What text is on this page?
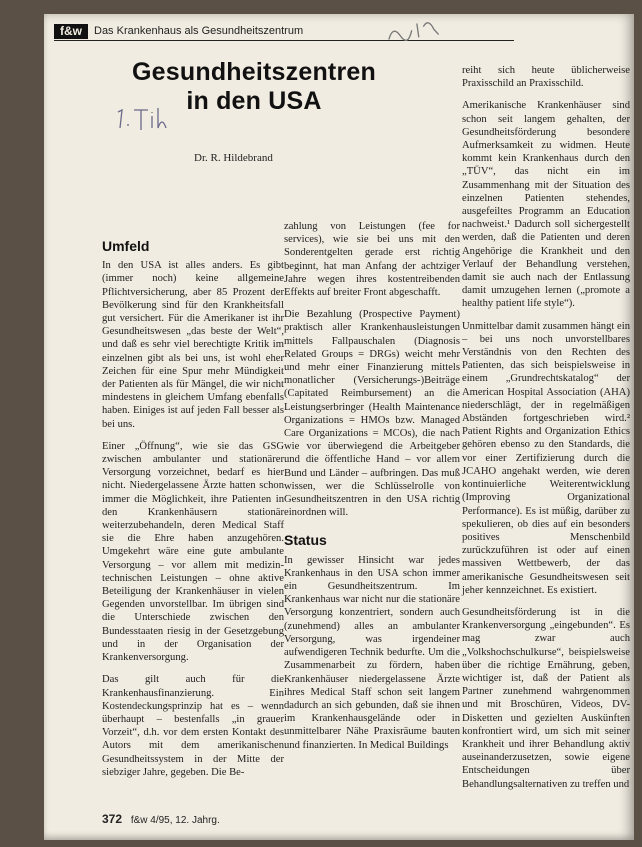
f&w	Das Krankenhaus als Gesundheitszentrum
Gesundheitszentren
in den USA
Dr. R. Hildebrand
Umfeld

In den USA ist alles anders. Es gibt (immer noch) keine allgemeine Pflichtversicherung, aber 85 Prozent der Bevölkerung sind für den Krankheitsfall gut versichert. Für die Amerikaner ist ihr Gesundheitswesen „das beste der Welt“, und daß es sehr viel berechtigte Kritik im einzelnen gibt als bei uns, ist wohl eher Zeichen für eine Spur mehr Mündigkeit der Patienten als für Mängel, die wir nicht mindestens in gleichem Umfang ebenfalls haben. Einiges ist auf jeden Fall besser als bei uns.

Einer „Öffnung“, wie sie das GSG zwischen ambulanter und stationärer Versorgung vorzeichnet, bedarf es hier nicht. Niedergelassene Ärzte hatten schon immer die Möglichkeit, ihre Patienten in den Krankenhäusern stationär weiterzubehandeln, deren Medical Staff sie die Ehre haben anzugehören. Umgekehrt wäre eine gute ambulante Versorgung – vor allem mit medizin-technischen Leistungen – ohne aktive Beteiligung der Krankenhäuser in vielen Gegenden unvorstellbar. Im übrigen sind die Unterschiede zwischen den Bundesstaaten riesig in der Gesetzgebung und in der Organisation der Krankenversorgung.

Das gilt auch für die Krankenhausfinanzierung. Ein Kostendeckungsprinzip hat es – wenn überhaupt – bestenfalls „in grauer Vorzeit“, d.h. vor dem ersten Kontakt des Autors mit dem amerikanischen Gesundheitssystem in der Mitte der siebziger Jahre, gegeben. Die Be-

zahlung von Leistungen (fee for services), wie sie bei uns mit den Sonderentgelten gerade erst richtig beginnt, hat man Anfang der achtziger Jahre wegen ihres kostentreibenden Effekts auf breiter Front abgeschafft.

Die Bezahlung (Prospective Payment) praktisch aller Krankenhausleistungen mittels Fallpauschalen (Diagnosis Related Groups = DRGs) weicht mehr und mehr einer Finanzierung mittels monatlicher (Versicherungs-)Beiträge (Capitated Reimbursement) an die Leistungserbringer (Health Maintenance Organizations = HMOs bzw. Managed Care Organizations = MCOs), die nach wie vor überwiegend die Arbeitgeber und die öffentliche Hand – vor allem Bund und Länder – aufbringen. Das muß wissen, wer die Schlüsselrolle von Gesundheitszentren in den USA richtig einordnen will.

Status

In gewisser Hinsicht war jedes Krankenhaus in den USA schon immer ein Gesundheitszentrum. Im Krankenhaus war nicht nur die stationäre Versorgung konzentriert, sondern auch (zunehmend) alles an ambulanter Versorgung, was irgendeiner aufwendigeren Technik bedurfte. Um die Zusammenarbeit zu fördern, haben Krankenhäuser niedergelassene Ärzte ihres Medical Staff schon seit langem dadurch an sich gebunden, daß sie ihnen im Krankenhausgelände oder in unmittelbarer Nähe Praxisräume bauten und finanzierten. In Medical Buildings

reiht sich heute üblicherweise Praxisschild an Praxisschild.

Amerikanische Krankenhäuser sind schon seit langem gehalten, der Gesundheitsförderung besondere Aufmerksamkeit zu widmen. Heute kommt kein Krankenhaus durch den „TÜV“, das nicht ein im Zusammenhang mit der Situation des einzelnen Patienten stehendes, ausgefeiltes Programm an Education nachweist.¹ Dadurch soll sichergestellt werden, daß die Patienten und deren Angehörige die Krankheit und den Verlauf der Behandlung verstehen, damit sie auch nach der Entlassung damit umzugehen lernen („promote a healthy patient life style“).

Unmittelbar damit zusammen hängt ein – bei uns noch unvorstellbares Verständnis von den Rechten des Patienten, das sich beispielsweise in einem „Grundrechtskatalog“ der American Hospital Association (AHA) niederschlägt, der in regelmäßigen Abständen fortgeschrieben wird.² Patient Rights and Organization Ethics gehören ebenso zu den Standards, die vor einer Zertifizierung durch die JCAHO angehakt werden, wie deren kontinuierliche Weiterentwicklung (Improving Organizational Performance). Es ist müßig, darüber zu spekulieren, ob dies auf ein besonders positives Menschenbild zurückzuführen ist oder auf einen massiven Wettbewerb, der das amerikanische Gesundheitswesen seit jeher kennzeichnet. Es existiert.

Gesundheitsförderung ist in die Krankenversorgung „eingebunden“. Es mag zwar auch „Volkshochschulkurse“, beispielsweise über die richtige Ernährung, geben, wichtiger ist, daß der Patient als Partner zunehmend wahrgenommen und mit Broschüren, Videos, DV-Disketten und gezielten Auskünften konfrontiert wird, um sich mit seiner Krankheit und ihrer Behandlung aktiv auseinanderzusetzen, sowie eigene Entscheidungen über Behandlungsalternativen zu treffen und

372 f&w 4/95, 12. Jahrg.
